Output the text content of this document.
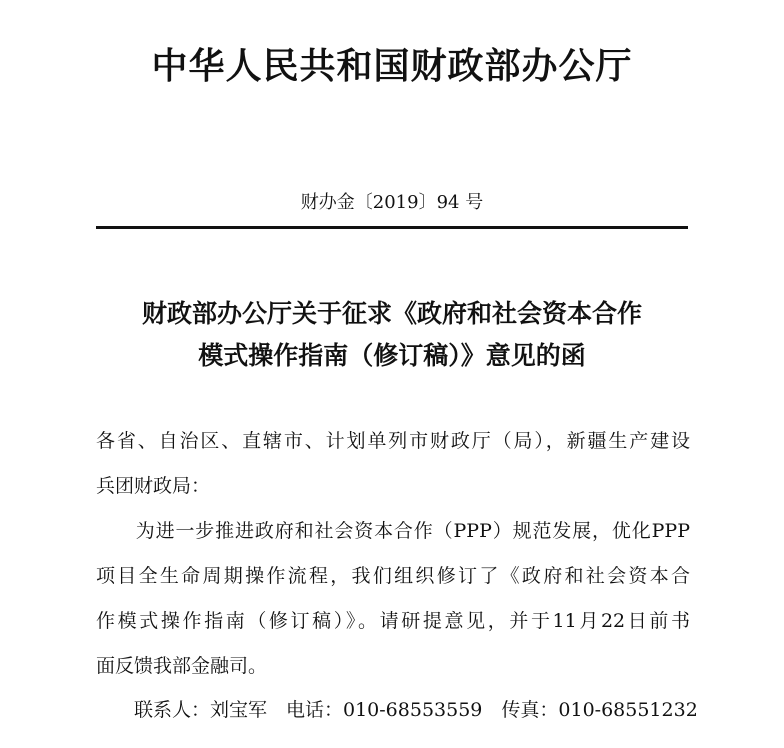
中华人民共和国财政部办公厅
财办金〔2019〕94 号
财政部办公厅关于征求《政府和社会资本合作
模式操作指南（修订稿）》意见的函
各省、自治区、直辖市、计划单列市财政厅（局），新疆生产建设
兵团财政局：
　　为进一步推进政府和社会资本合作（PPP）规范发展，优化PPP
项目全生命周期操作流程，我们组织修订了《政府和社会资本合
作模式操作指南（修订稿）》。请研提意见，并于11月22日前书
面反馈我部金融司。
　　联系人：刘宝军　电话：010-68553559　传真：010-68551232
